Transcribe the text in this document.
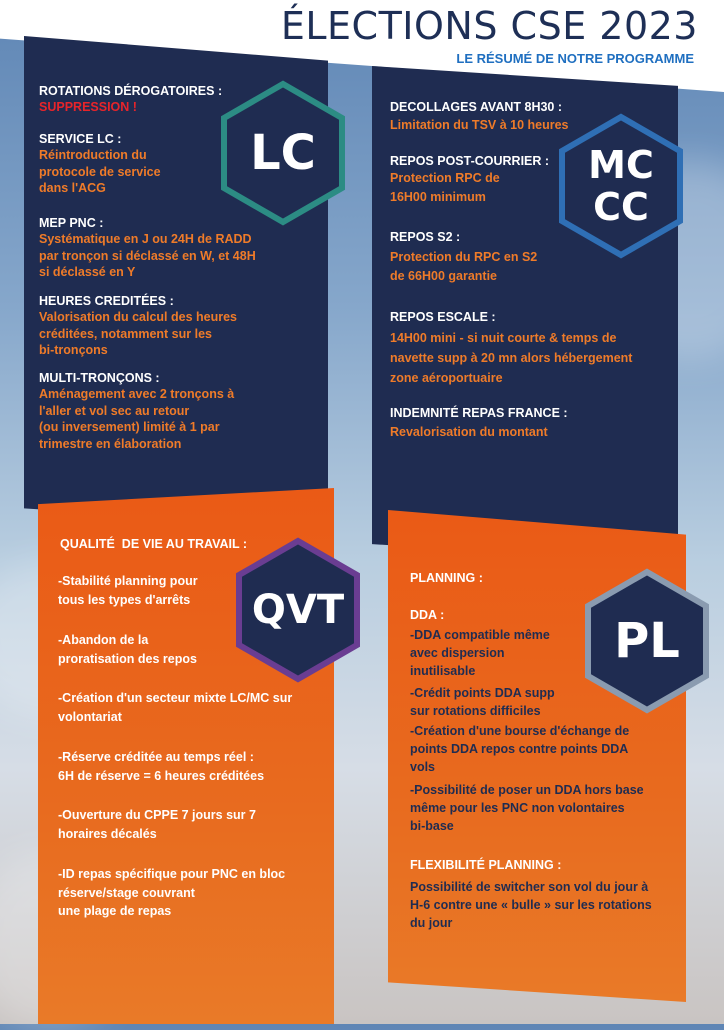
ÉLECTIONS CSE 2023
LE RÉSUMÉ DE NOTRE PROGRAMME
ROTATIONS DÉROGATOIRES :
SUPPRESSION !
SERVICE LC :
Réintroduction du
protocole de service
dans l'ACG
MEP PNC :
Systématique en J ou 24H de RADD
par tronçon si déclassé en W, et 48H
si déclassé en Y
HEURES CREDITÉES :
Valorisation du calcul des heures
créditées, notamment sur les
bi-tronçons
MULTI-TRONÇONS :
Aménagement avec 2 tronçons à
l'aller et vol sec au retour
(ou inversement) limité à 1 par
trimestre en élaboration
DECOLLAGES AVANT 8H30 :
Limitation du TSV à 10 heures
REPOS POST-COURRIER :
Protection RPC de
16H00 minimum
REPOS S2 :
Protection du RPC en S2
de 66H00 garantie
REPOS ESCALE :
14H00 mini - si nuit courte & temps de
navette supp à 20 mn alors hébergement
zone aéroportuaire
INDEMNITÉ REPAS FRANCE :
Revalorisation du montant
QUALITÉ  DE VIE AU TRAVAIL :
-Stabilité planning pour
tous les types d'arrêts
-Abandon de la
proratisation des repos
-Création d'un secteur mixte LC/MC sur
volontariat
-Réserve créditée au temps réel :
6H de réserve = 6 heures créditées
-Ouverture du CPPE 7 jours sur 7
horaires décalés
-ID repas spécifique pour PNC en bloc
réserve/stage couvrant
une plage de repas
PLANNING :
DDA :
-DDA compatible même
avec dispersion
inutilisable
-Crédit points DDA supp
sur rotations difficiles
-Création d'une bourse d'échange de
points DDA repos contre points DDA
vols
-Possibilité de poser un DDA hors base
même pour les PNC non volontaires
bi-base
FLEXIBILITÉ PLANNING :
Possibilité de switcher son vol du jour à
H-6 contre une « bulle » sur les rotations
du jour
LC	MC
CC
QVT
PL
